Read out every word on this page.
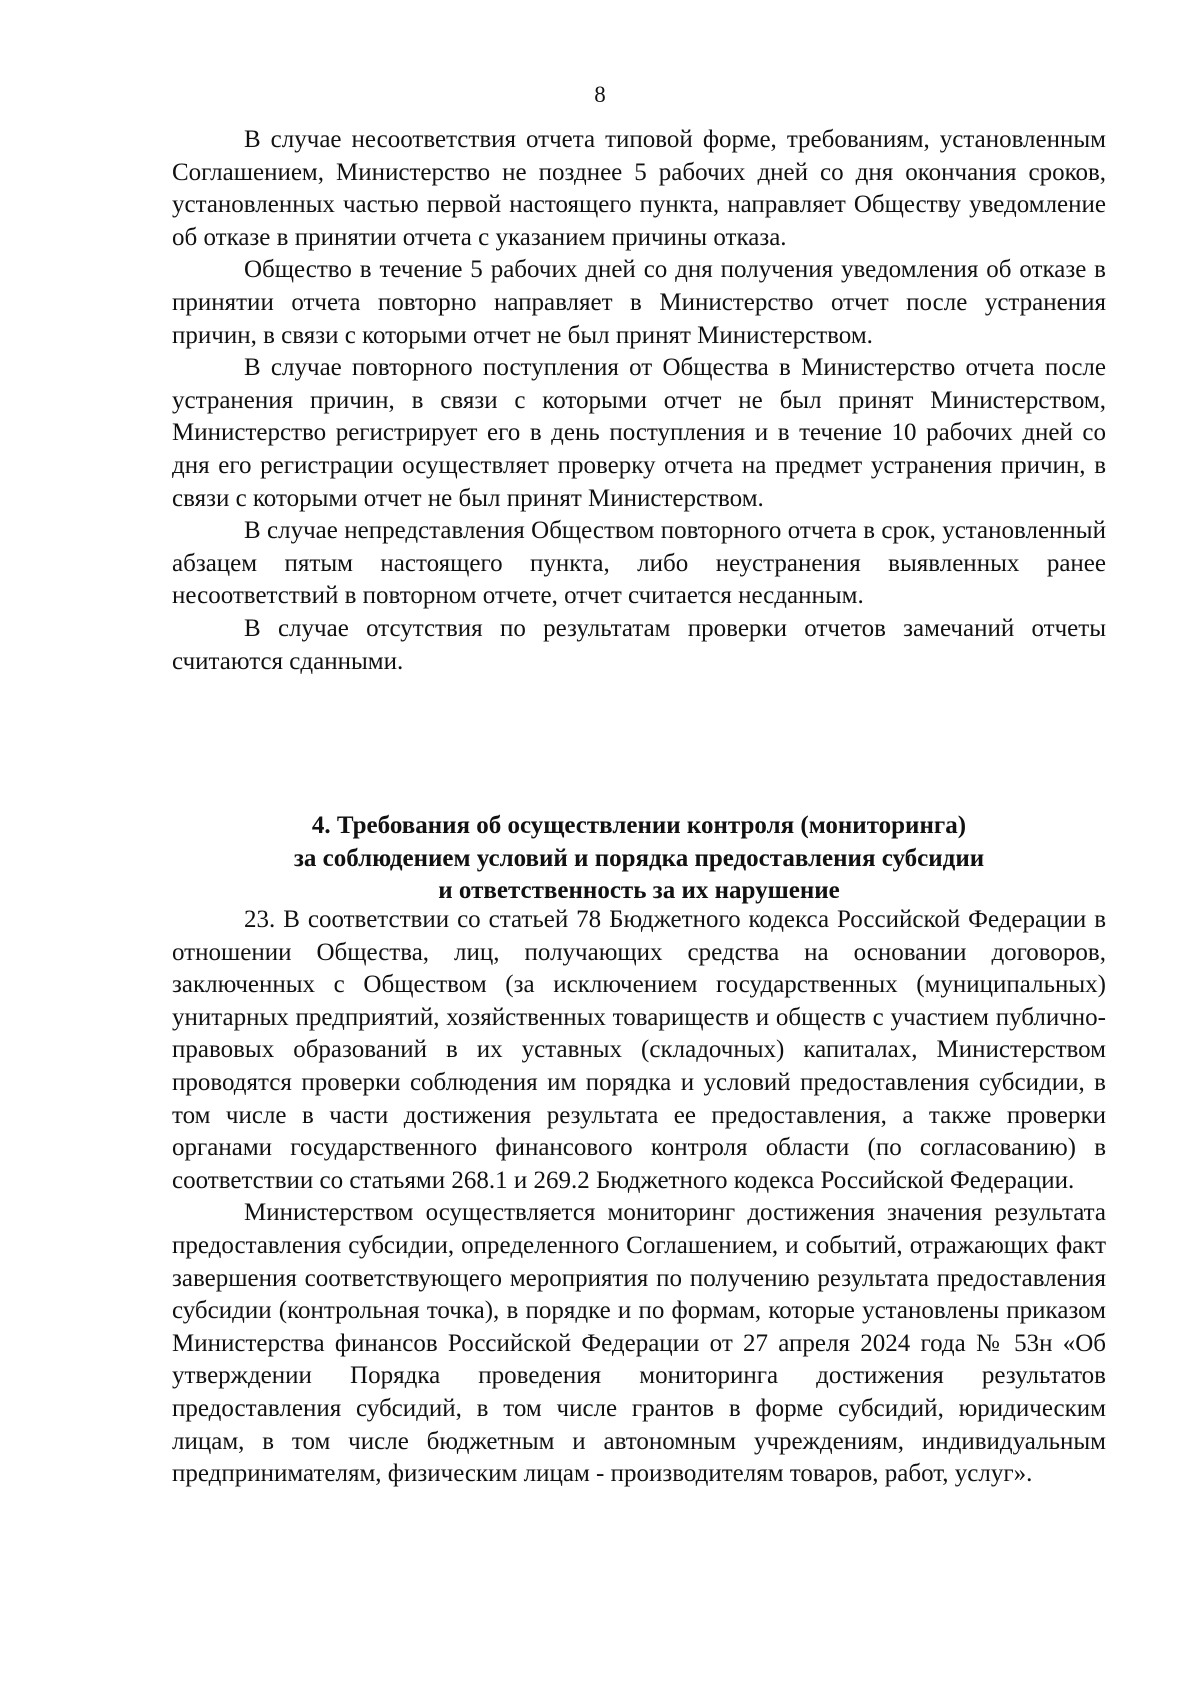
8

В случае несоответствия отчета типовой форме, требованиям, установленным Соглашением, Министерство не позднее 5 рабочих дней со дня окончания сроков, установленных частью первой настоящего пункта, направляет Обществу уведомление об отказе в принятии отчета с указанием причины отказа.

Общество в течение 5 рабочих дней со дня получения уведомления об отказе в принятии отчета повторно направляет в Министерство отчет после устранения причин, в связи с которыми отчет не был принят Министерством.

В случае повторного поступления от Общества в Министерство отчета после устранения причин, в связи с которыми отчет не был принят Министерством, Министерство регистрирует его в день поступления и в течение 10 рабочих дней со дня его регистрации осуществляет проверку отчета на предмет устранения причин, в связи с которыми отчет не был принят Министерством.

В случае непредставления Обществом повторного отчета в срок, установленный абзацем пятым настоящего пункта, либо неустранения выявленных ранее несоответствий в повторном отчете, отчет считается несданным.

В случае отсутствия по результатам проверки отчетов замечаний отчеты считаются сданными.

4. Требования об осуществлении контроля (мониторинга)
за соблюдением условий и порядка предоставления субсидии
и ответственность за их нарушение

23. В соответствии со статьей 78 Бюджетного кодекса Российской Федерации в отношении Общества, лиц, получающих средства на основании договоров, заключенных с Обществом (за исключением государственных (муниципальных) унитарных предприятий, хозяйственных товариществ и обществ с участием публично-правовых образований в их уставных (складочных) капиталах, Министерством проводятся проверки соблюдения им порядка и условий предоставления субсидии, в том числе в части достижения результата ее предоставления, а также проверки органами государственного финансового контроля области (по согласованию) в соответствии со статьями 268.1 и 269.2 Бюджетного кодекса Российской Федерации.

Министерством осуществляется мониторинг достижения значения результата предоставления субсидии, определенного Соглашением, и событий, отражающих факт завершения соответствующего мероприятия по получению результата предоставления субсидии (контрольная точка), в порядке и по формам, которые установлены приказом Министерства финансов Российской Федерации от 27 апреля 2024 года № 53н «Об утверждении Порядка проведения мониторинга достижения результатов предоставления субсидий, в том числе грантов в форме субсидий, юридическим лицам, в том числе бюджетным и автономным учреждениям, индивидуальным предпринимателям, физическим лицам - производителям товаров, работ, услуг».
